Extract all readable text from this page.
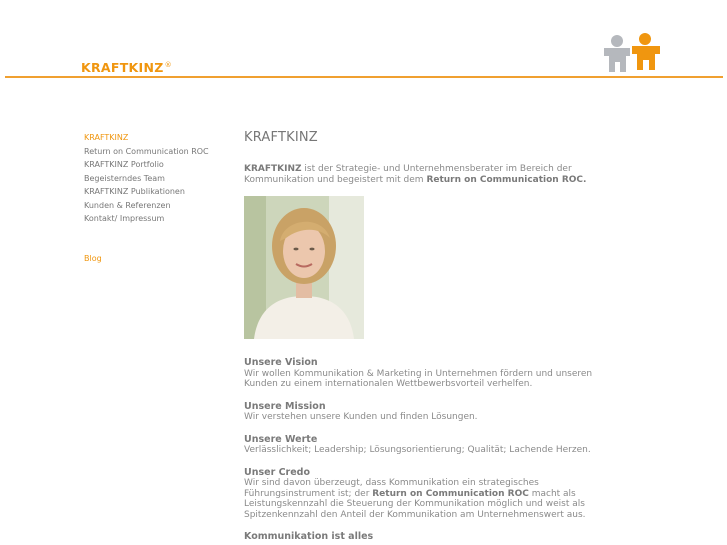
KRAFTKINZ®
KRAFTKINZ
Return on Communication ROC
KRAFTKINZ Portfolio
Begeisterndes Team
KRAFTKINZ Publikationen
Kunden & Referenzen
Kontakt/ Impressum
Blog
KRAFTKINZ
KRAFTKINZ ist der Strategie- und Unternehmensberater im Bereich der Kommunikation und begeistert mit dem Return on Communication ROC.
Unsere Vision

Wir wollen Kommunikation & Marketing in Unternehmen fördern und unseren Kunden zu einem internationalen Wettbewerbsvorteil verhelfen.

Unsere Mission

Wir verstehen unsere Kunden und finden Lösungen.

Unsere Werte

Verlässlichkeit; Leadership; Lösungsorientierung; Qualität; Lachende Herzen.

Unser Credo

Wir sind davon überzeugt, dass Kommunikation ein strategisches Führungsinstrument ist; der Return on Communication ROC macht als Leistungskennzahl die Steuerung der Kommunikation möglich und weist als Spitzenkennzahl den Anteil der Kommunikation am Unternehmenswert aus.

Kommunikation ist alles
